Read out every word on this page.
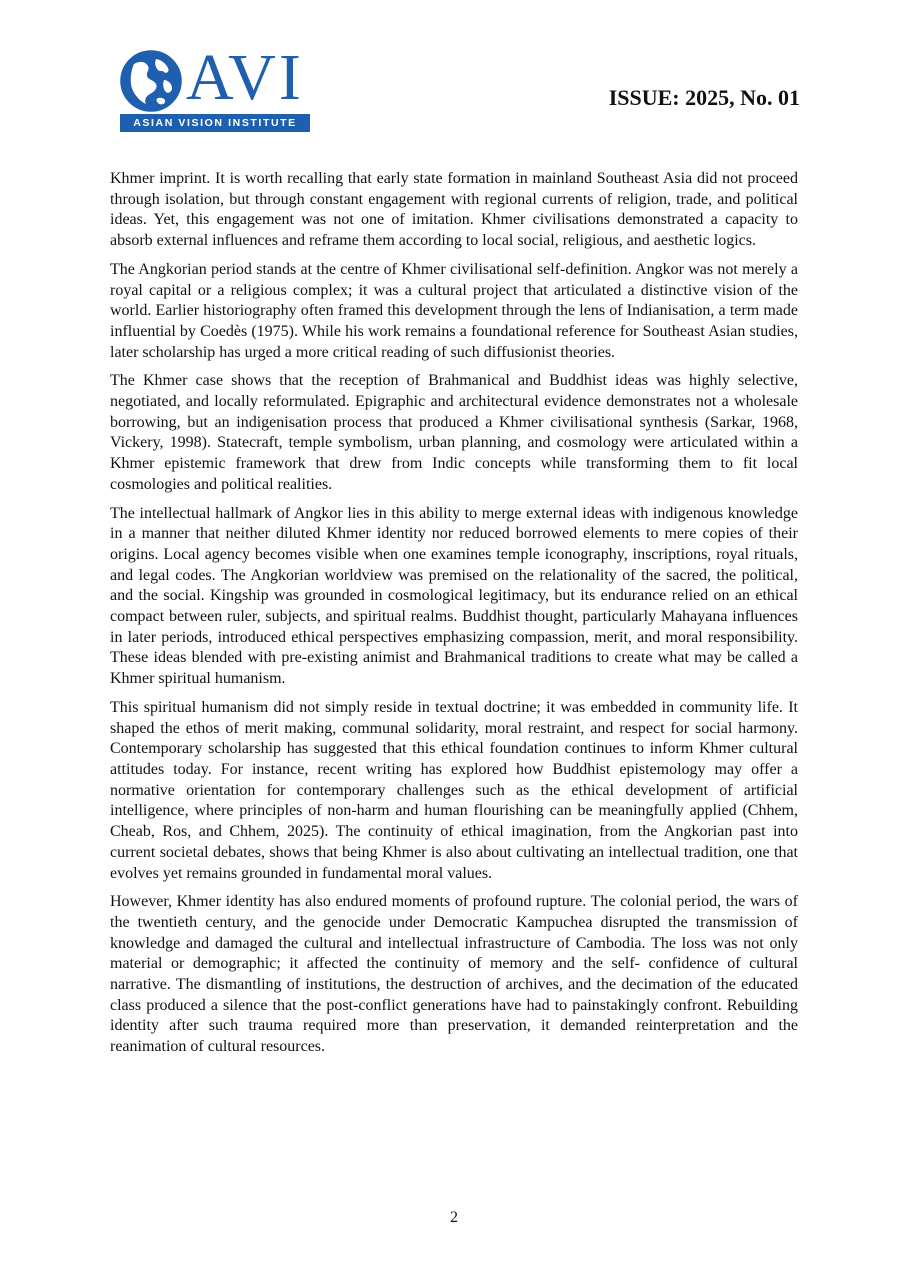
AVI
ASIAN VISION INSTITUTE
ISSUE: 2025, No. 01

Khmer imprint. It is worth recalling that early state formation in mainland Southeast Asia did not proceed through isolation, but through constant engagement with regional currents of religion, trade, and political ideas. Yet, this engagement was not one of imitation. Khmer civilisations demonstrated a capacity to absorb external influences and reframe them according to local social, religious, and aesthetic logics.

The Angkorian period stands at the centre of Khmer civilisational self-definition. Angkor was not merely a royal capital or a religious complex; it was a cultural project that articulated a distinctive vision of the world. Earlier historiography often framed this development through the lens of Indianisation, a term made influential by Coedès (1975). While his work remains a foundational reference for Southeast Asian studies, later scholarship has urged a more critical reading of such diffusionist theories.

The Khmer case shows that the reception of Brahmanical and Buddhist ideas was highly selective, negotiated, and locally reformulated. Epigraphic and architectural evidence demonstrates not a wholesale borrowing, but an indigenisation process that produced a Khmer civilisational synthesis (Sarkar, 1968, Vickery, 1998). Statecraft, temple symbolism, urban planning, and cosmology were articulated within a Khmer epistemic framework that drew from Indic concepts while transforming them to fit local cosmologies and political realities.

The intellectual hallmark of Angkor lies in this ability to merge external ideas with indigenous knowledge in a manner that neither diluted Khmer identity nor reduced borrowed elements to mere copies of their origins. Local agency becomes visible when one examines temple iconography, inscriptions, royal rituals, and legal codes. The Angkorian worldview was premised on the relationality of the sacred, the political, and the social. Kingship was grounded in cosmological legitimacy, but its endurance relied on an ethical compact between ruler, subjects, and spiritual realms. Buddhist thought, particularly Mahayana influences in later periods, introduced ethical perspectives emphasizing compassion, merit, and moral responsibility. These ideas blended with pre-existing animist and Brahmanical traditions to create what may be called a Khmer spiritual humanism.

This spiritual humanism did not simply reside in textual doctrine; it was embedded in community life. It shaped the ethos of merit making, communal solidarity, moral restraint, and respect for social harmony. Contemporary scholarship has suggested that this ethical foundation continues to inform Khmer cultural attitudes today. For instance, recent writing has explored how Buddhist epistemology may offer a normative orientation for contemporary challenges such as the ethical development of artificial intelligence, where principles of non-harm and human flourishing can be meaningfully applied (Chhem, Cheab, Ros, and Chhem, 2025). The continuity of ethical imagination, from the Angkorian past into current societal debates, shows that being Khmer is also about cultivating an intellectual tradition, one that evolves yet remains grounded in fundamental moral values.

However, Khmer identity has also endured moments of profound rupture. The colonial period, the wars of the twentieth century, and the genocide under Democratic Kampuchea disrupted the transmission of knowledge and damaged the cultural and intellectual infrastructure of Cambodia. The loss was not only material or demographic; it affected the continuity of memory and the self- confidence of cultural narrative. The dismantling of institutions, the destruction of archives, and the decimation of the educated class produced a silence that the post-conflict generations have had to painstakingly confront. Rebuilding identity after such trauma required more than preservation, it demanded reinterpretation and the reanimation of cultural resources.

2
